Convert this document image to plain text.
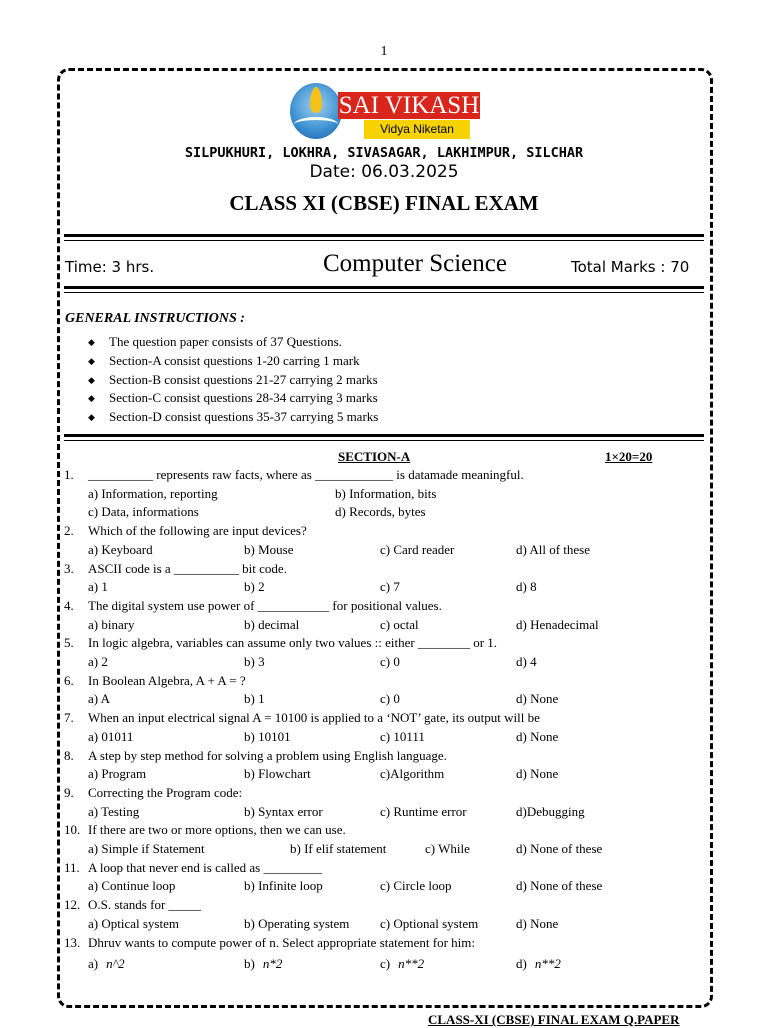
1
SAI VIKASH
Vidya Niketan
SILPUKHURI, LOKHRA, SIVASAGAR, LAKHIMPUR, SILCHAR
Date: 06.03.2025
CLASS XI (CBSE) FINAL EXAM
Time: 3 hrs.	Computer Science	Total Marks : 70
GENERAL INSTRUCTIONS :
◆ The question paper consists of 37 Questions.
◆ Section-A consist questions 1-20 carring 1 mark
◆ Section-B consist questions 21-27 carrying 2 marks
◆ Section-C consist questions 28-34 carrying 3 marks
◆ Section-D consist questions 35-37 carrying 5 marks
SECTION-A	1×20=20
1. __________ represents raw facts, where as ____________ is datamade meaningful.
a) Information, reporting	b) Information, bits
c) Data, informations	d) Records, bytes
2. Which of the following are input devices?
a) Keyboard	b) Mouse	c) Card reader	d) All of these
3. ASCII code is a __________ bit code.
a) 1	b) 2	c) 7	d) 8
4. The digital system use power of ___________ for positional values.
a) binary	b) decimal	c) octal	d) Henadecimal
5. In logic algebra, variables can assume only two values :: either ________ or 1.
a) 2	b) 3	c) 0	d) 4
6. In Boolean Algebra, A + A = ?
a) A	b) 1	c) 0	d) None
7. When an input electrical signal A = 10100 is applied to a ‘NOT’ gate, its output will be
a) 01011	b) 10101	c) 10111	d) None
8. A step by step method for solving a problem using English language.
a) Program	b) Flowchart	c)Algorithm	d) None
9. Correcting the Program code:
a) Testing	b) Syntax error	c) Runtime error	d)Debugging
10. If there are two or more options, then we can use.
a) Simple if Statement	b) If elif statement	c) While	d) None of these
11. A loop that never end is called as _________
a) Continue loop	b) Infinite loop	c) Circle loop	d) None of these
12. O.S. stands for _____
a) Optical system	b) Operating system c) Optional system	d) None
13. Dhruv wants to compute power of n. Select appropriate statement for him:
a) n^2	b) n*2	c) n**2	d) n**2
CLASS-XI (CBSE) FINAL EXAM Q.PAPER
